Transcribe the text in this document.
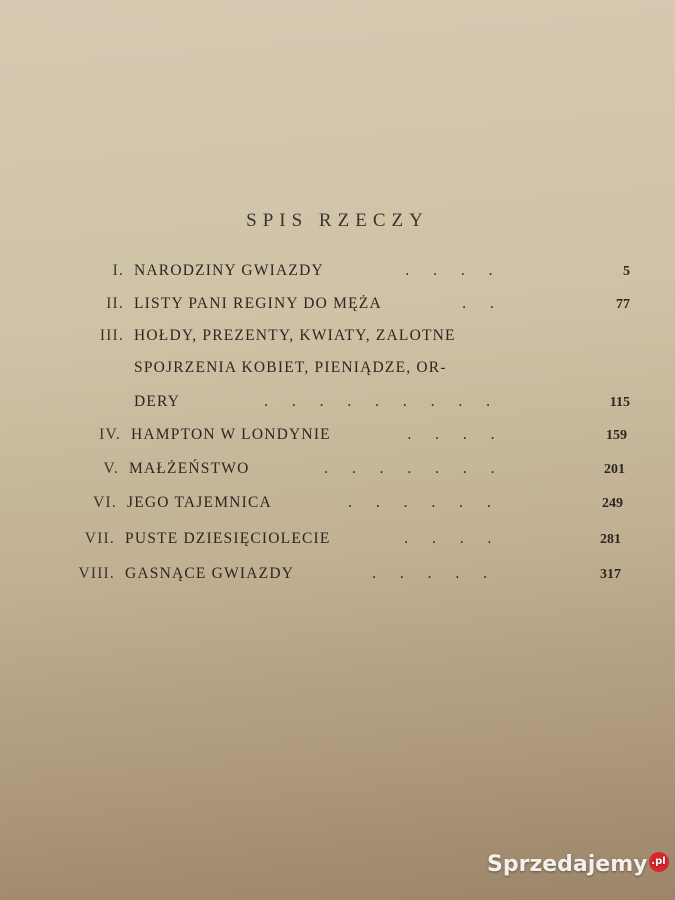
SPIS RZECZY
I. NARODZINY GWIAZDY	. . . .	5
II. LISTY PANI REGINY DO MĘŻA	. .	77
III. HOŁDY, PREZENTY, KWIATY, ZALOTNE
SPOJRZENIA KOBIET, PIENIĄDZE, OR-
DERY	. . . . . . . . .	115
IV. HAMPTON W LONDYNIE	. . . .	159
V. MAŁŻEŃSTWO	. . . . . . .	201
VI. JEGO TAJEMNICA	. . . . . .	249
VII. PUSTE DZIESIĘCIOLECIE	. . . .	281
VIII. GASNĄCE GWIAZDY	. . . . .	317
Sprzedajemy $^{.pl}$
